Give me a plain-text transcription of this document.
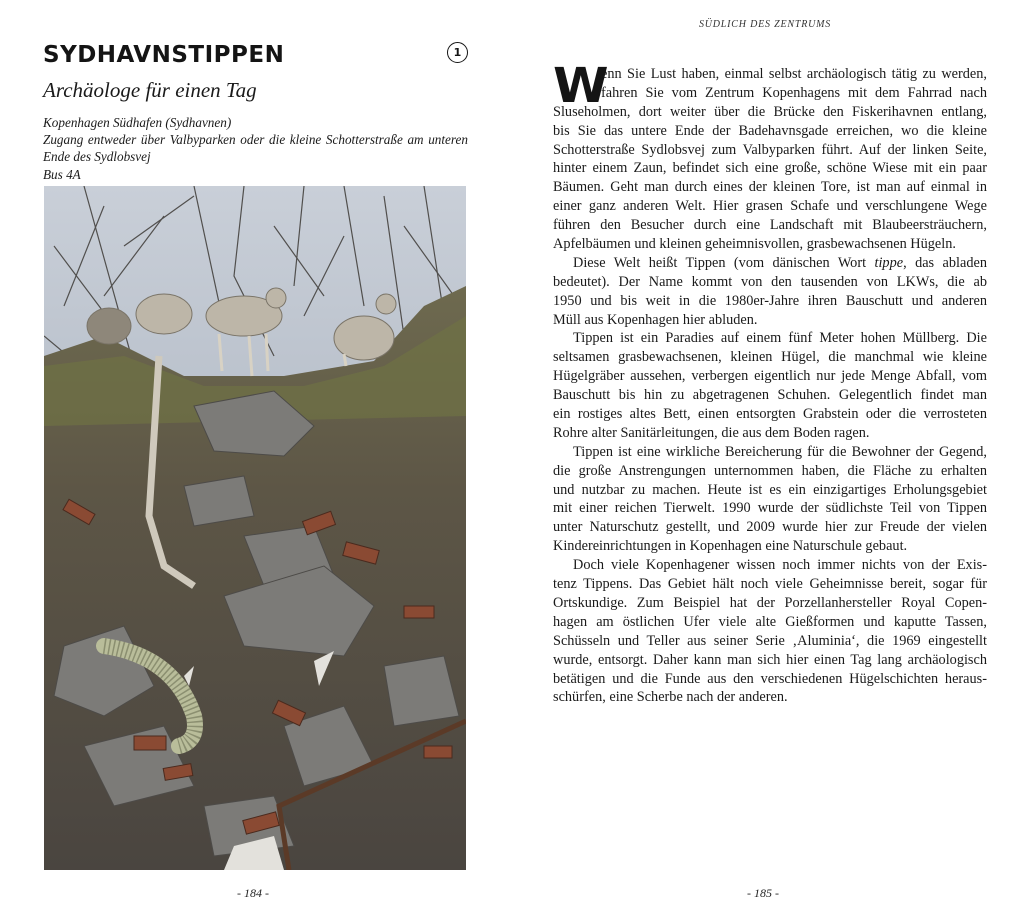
SYDHAVNSTIPPEN	1
Archäologe für einen Tag
Kopenhagen Südhafen (Sydhavnen)
Zugang entweder über Valbyparken oder die kleine Schotterstraße am unteren
Ende des Sydlobsvej
Bus 4A
- 184 -
SÜDLICH DES ZENTRUMS
W
enn Sie Lust haben, einmal selbst archäologisch tätig zu werden,
fahren Sie vom Zentrum Kopenhagens mit dem Fahrrad nach
Sluseholmen, dort weiter über die Brücke den Fiskerihavnen entlang,
bis Sie das untere Ende der Badehavnsgade erreichen, wo die kleine
Schotterstraße Sydlobsvej zum Valbyparken führt. Auf der linken Seite,
hinter einem Zaun, befindet sich eine große, schöne Wiese mit ein paar
Bäumen. Geht man durch eines der kleinen Tore, ist man auf einmal in
einer ganz anderen Welt. Hier grasen Schafe und verschlungene Wege
führen den Besucher durch eine Landschaft mit Blaubeersträuchern,
Apfelbäumen und kleinen geheimnisvollen, grasbewachsenen Hügeln.
Diese Welt heißt Tippen (vom dänischen Wort tippe, das abladen
bedeutet). Der Name kommt von den tausenden von LKWs, die ab
1950 und bis weit in die 1980er-Jahre ihren Bauschutt und anderen
Müll aus Kopenhagen hier abluden.
Tippen ist ein Paradies auf einem fünf Meter hohen Müllberg. Die
seltsamen grasbewachsenen, kleinen Hügel, die manchmal wie kleine
Hügelgräber aussehen, verbergen eigentlich nur jede Menge Abfall, vom
Bauschutt bis hin zu abgetragenen Schuhen. Gelegentlich findet man
ein rostiges altes Bett, einen entsorgten Grabstein oder die verrosteten
Rohre alter Sanitärleitungen, die aus dem Boden ragen.
Tippen ist eine wirkliche Bereicherung für die Bewohner der Gegend,
die große Anstrengungen unternommen haben, die Fläche zu erhalten
und nutzbar zu machen. Heute ist es ein einzigartiges Erholungsgebiet
mit einer reichen Tierwelt. 1990 wurde der südlichste Teil von Tippen
unter Naturschutz gestellt, und 2009 wurde hier zur Freude der vielen
Kindereinrichtungen in Kopenhagen eine Naturschule gebaut.
Doch viele Kopenhagener wissen noch immer nichts von der Exis-
tenz Tippens. Das Gebiet hält noch viele Geheimnisse bereit, sogar für
Ortskundige. Zum Beispiel hat der Porzellanhersteller Royal Copen-
hagen am östlichen Ufer viele alte Gießformen und kaputte Tassen,
Schüsseln und Teller aus seiner Serie ‚Aluminia‘, die 1969 eingestellt
wurde, entsorgt. Daher kann man sich hier einen Tag lang archäologisch
betätigen und die Funde aus den verschiedenen Hügelschichten heraus-
schürfen, eine Scherbe nach der anderen.
- 185 -
